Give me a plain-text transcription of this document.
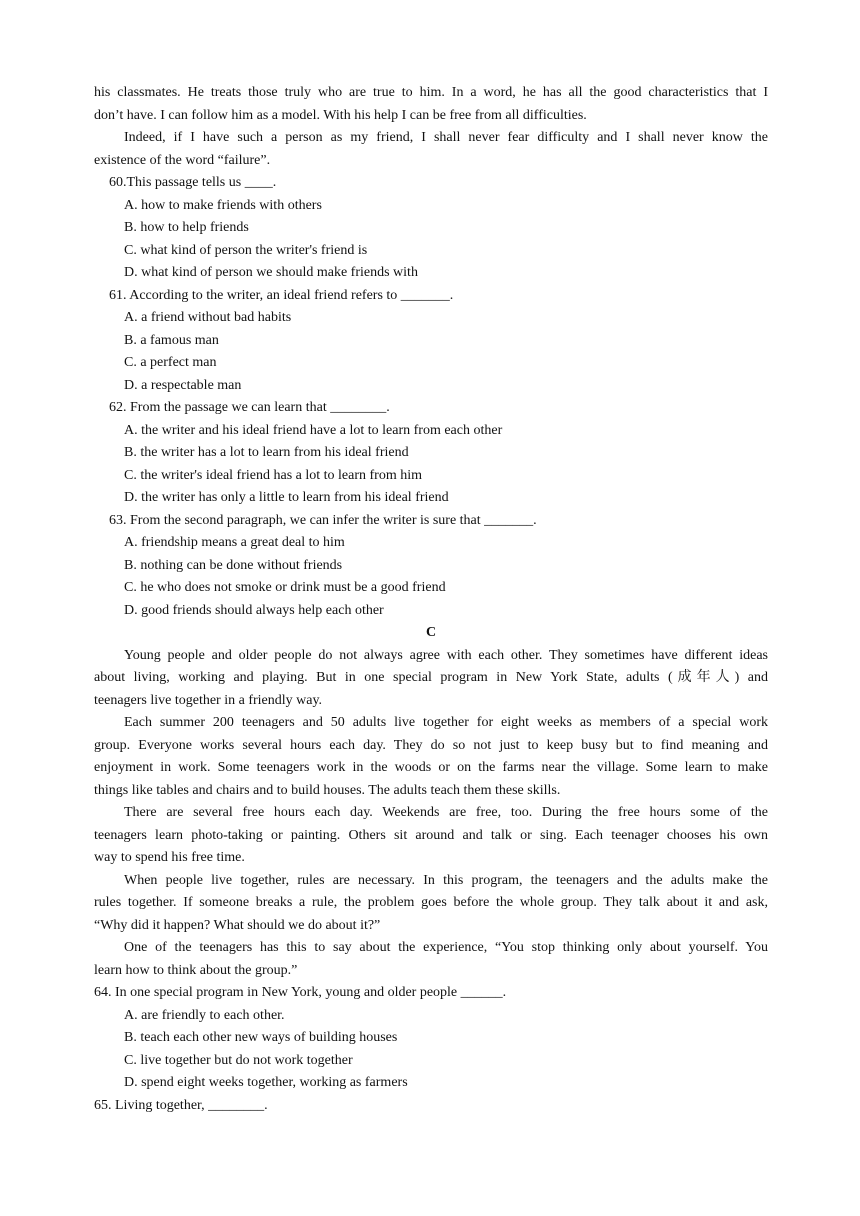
his classmates. He treats those truly who are true to him. In a word, he has all the good characteristics that I
don’t have. I can follow him as a model. With his help I can be free from all difficulties.
Indeed, if I have such a person as my friend, I shall never fear difficulty and I shall never know the
existence of the word “failure”.
60.This passage tells us ____.
A. how to make friends with others
B. how to help friends
C. what kind of person the writer's friend is
D. what kind of person we should make friends with
61. According to the writer, an ideal friend refers to _______.
A. a friend without bad habits
B. a famous man
C. a perfect man
D. a respectable man
62. From the passage we can learn that ________.
A. the writer and his ideal friend have a lot to learn from each other
B. the writer has a lot to learn from his ideal friend
C. the writer's ideal friend has a lot to learn from him
D. the writer has only a little to learn from his ideal friend
63. From the second paragraph, we can infer the writer is sure that _______.
A. friendship means a great deal to him
B. nothing can be done without friends
C. he who does not smoke or drink must be a good friend
D. good friends should always help each other
C
Young people and older people do not always agree with each other. They sometimes have different ideas
about living, working and playing. But in one special program in New York State, adults (成年人) and
teenagers live together in a friendly way.
Each summer 200 teenagers and 50 adults live together for eight weeks as members of a special work
group. Everyone works several hours each day. They do so not just to keep busy but to find meaning and
enjoyment in work. Some teenagers work in the woods or on the farms near the village. Some learn to make
things like tables and chairs and to build houses. The adults teach them these skills.
There are several free hours each day. Weekends are free, too. During the free hours some of the
teenagers learn photo-taking or painting. Others sit around and talk or sing. Each teenager chooses his own
way to spend his free time.
When people live together, rules are necessary. In this program, the teenagers and the adults make the
rules together. If someone breaks a rule, the problem goes before the whole group. They talk about it and ask,
“Why did it happen? What should we do about it?”
One of the teenagers has this to say about the experience, “You stop thinking only about yourself. You
learn how to think about the group.”
64. In one special program in New York, young and older people ______.
A. are friendly to each other.
B. teach each other new ways of building houses
C. live together but do not work together
D. spend eight weeks together, working as farmers
65. Living together, ________.
